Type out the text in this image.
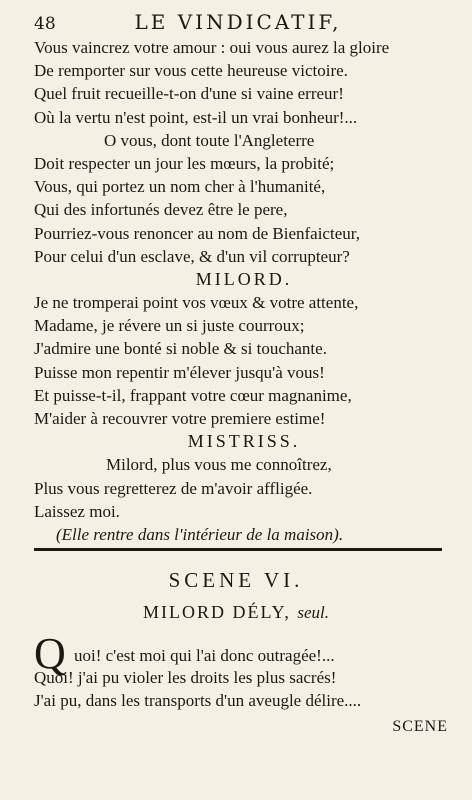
48	LE VINDICATIF,
Vous vaincrez votre amour : oui vous aurez la gloire
De remporter sur vous cette heureuse victoire.
Quel fruit recueille-t-on d'une si vaine erreur!
Où la vertu n'est point, est-il un vrai bonheur!...
O vous, dont toute l'Angleterre
Doit respecter un jour les mœurs, la probité;
Vous, qui portez un nom cher à l'humanité,
Qui des infortunés devez être le pere,
Pourriez-vous renoncer au nom de Bienfaicteur,
Pour celui d'un esclave, & d'un vil corrupteur?
MILORD.
Je ne tromperai point vos vœux & votre attente,
Madame, je révere un si juste courroux;
J'admire une bonté si noble & si touchante.
Puisse mon repentir m'élever jusqu'à vous!
Et puisse-t-il, frappant votre cœur magnanime,
M'aider à recouvrer votre premiere estime!
MISTRISS.
Milord, plus vous me connoîtrez,
Plus vous regretterez de m'avoir affligée.
Laissez moi.
(Elle rentre dans l'intérieur de la maison).
SCENE VI.
MILORD DÉLY, seul.
Q uoi! c'est moi qui l'ai donc outragée!...
Quoi! j'ai pu violer les droits les plus sacrés!
J'ai pu, dans les transports d'un aveugle délire....
SCENE
